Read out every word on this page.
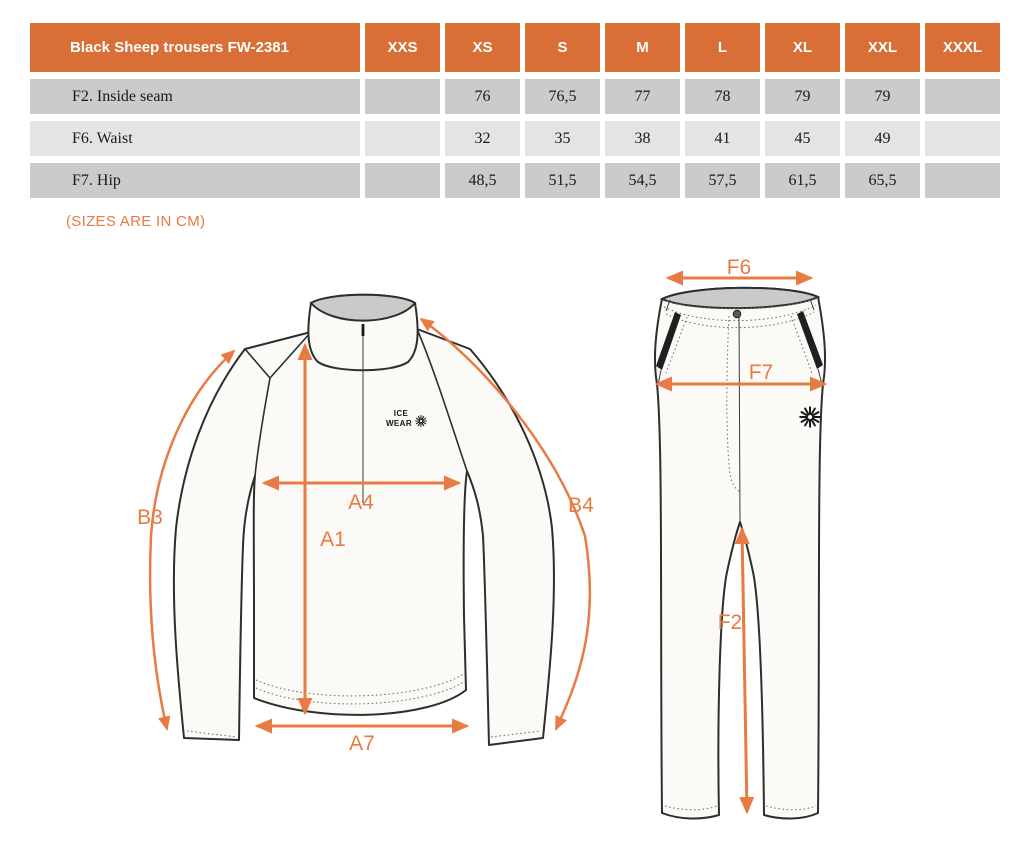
Black Sheep trousers FW-2381	XXS	XS	S	M	L	XL	XXL	XXXL
F2. Inside seam		76	76,5	77	78	79	79	
F6. Waist		32	35	38	41	45	49	
F7. Hip		48,5	51,5	54,5	57,5	61,5	65,5	
(SIZES ARE IN CM)
ICE
WEAR
B3
B4
A4
A1
A7
F6
F7
F2
